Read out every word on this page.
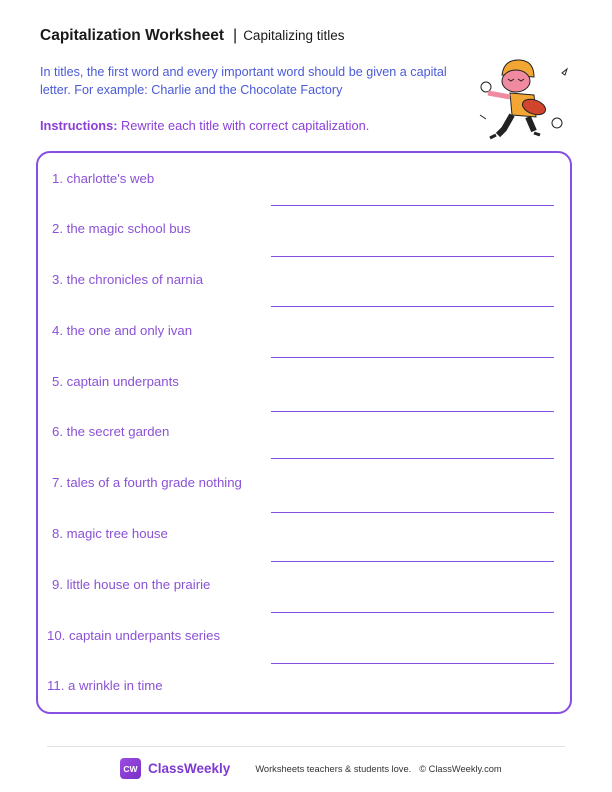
Capitalization Worksheet | Capitalizing titles
In titles, the first word and every important word should be given a capital letter. For example: Charlie and the Chocolate Factory
Instructions: Rewrite each title with correct capitalization.
1. charlotte's web
2. the magic school bus
3. the chronicles of narnia
4. the one and only ivan
5. captain underpants
6. the secret garden
7. tales of a fourth grade nothing
8. magic tree house
9. little house on the prairie
10. captain underpants series
11. a wrinkle in time
CW ClassWeekly	Worksheets teachers & students love. © ClassWeekly.com
